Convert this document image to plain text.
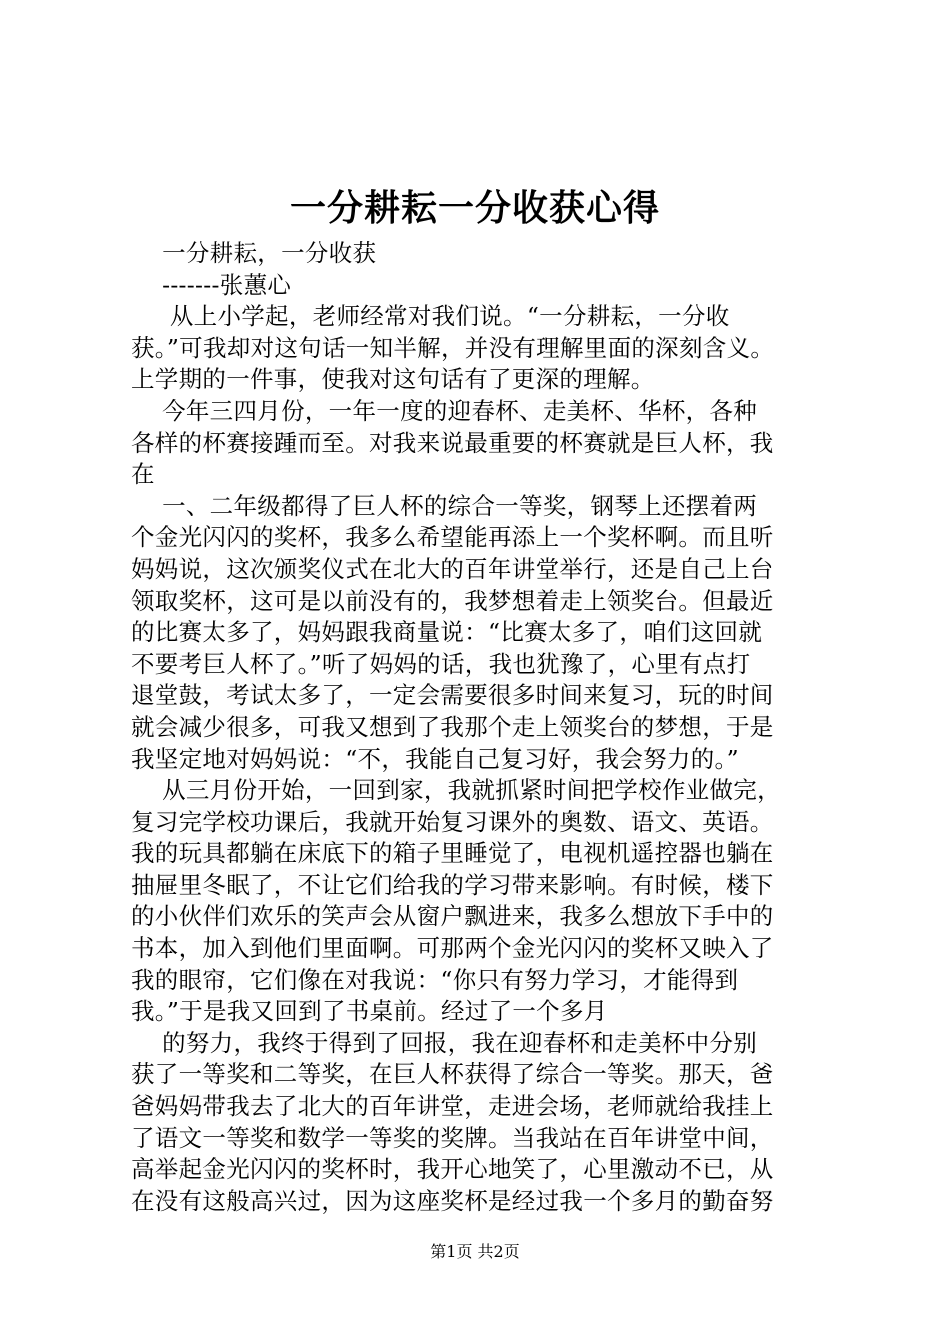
一分耕耘一分收获心得
一分耕耘，一分收获
-------张蕙心
从上小学起，老师经常对我们说。“一分耕耘，一分收
获。”可我却对这句话一知半解，并没有理解里面的深刻含义。
上学期的一件事，使我对这句话有了更深的理解。
今年三四月份，一年一度的迎春杯、走美杯、华杯，各种
各样的杯赛接踵而至。对我来说最重要的杯赛就是巨人杯，我
在
一、二年级都得了巨人杯的综合一等奖，钢琴上还摆着两
个金光闪闪的奖杯，我多么希望能再添上一个奖杯啊。而且听
妈妈说，这次颁奖仪式在北大的百年讲堂举行，还是自己上台
领取奖杯，这可是以前没有的，我梦想着走上领奖台。但最近
的比赛太多了，妈妈跟我商量说：“比赛太多了，咱们这回就
不要考巨人杯了。”听了妈妈的话，我也犹豫了，心里有点打
退堂鼓，考试太多了，一定会需要很多时间来复习，玩的时间
就会减少很多，可我又想到了我那个走上领奖台的梦想，于是
我坚定地对妈妈说：“不，我能自己复习好，我会努力的。”
从三月份开始，一回到家，我就抓紧时间把学校作业做完，
复习完学校功课后，我就开始复习课外的奥数、语文、英语。
我的玩具都躺在床底下的箱子里睡觉了，电视机遥控器也躺在
抽屉里冬眠了，不让它们给我的学习带来影响。有时候，楼下
的小伙伴们欢乐的笑声会从窗户飘进来，我多么想放下手中的
书本，加入到他们里面啊。可那两个金光闪闪的奖杯又映入了
我的眼帘，它们像在对我说：“你只有努力学习，才能得到
我。”于是我又回到了书桌前。经过了一个多月
的努力，我终于得到了回报，我在迎春杯和走美杯中分别
获了一等奖和二等奖，在巨人杯获得了综合一等奖。那天，爸
爸妈妈带我去了北大的百年讲堂，走进会场，老师就给我挂上
了语文一等奖和数学一等奖的奖牌。当我站在百年讲堂中间，
高举起金光闪闪的奖杯时，我开心地笑了，心里激动不已，从
在没有这般高兴过，因为这座奖杯是经过我一个多月的勤奋努
第1页 共2页
